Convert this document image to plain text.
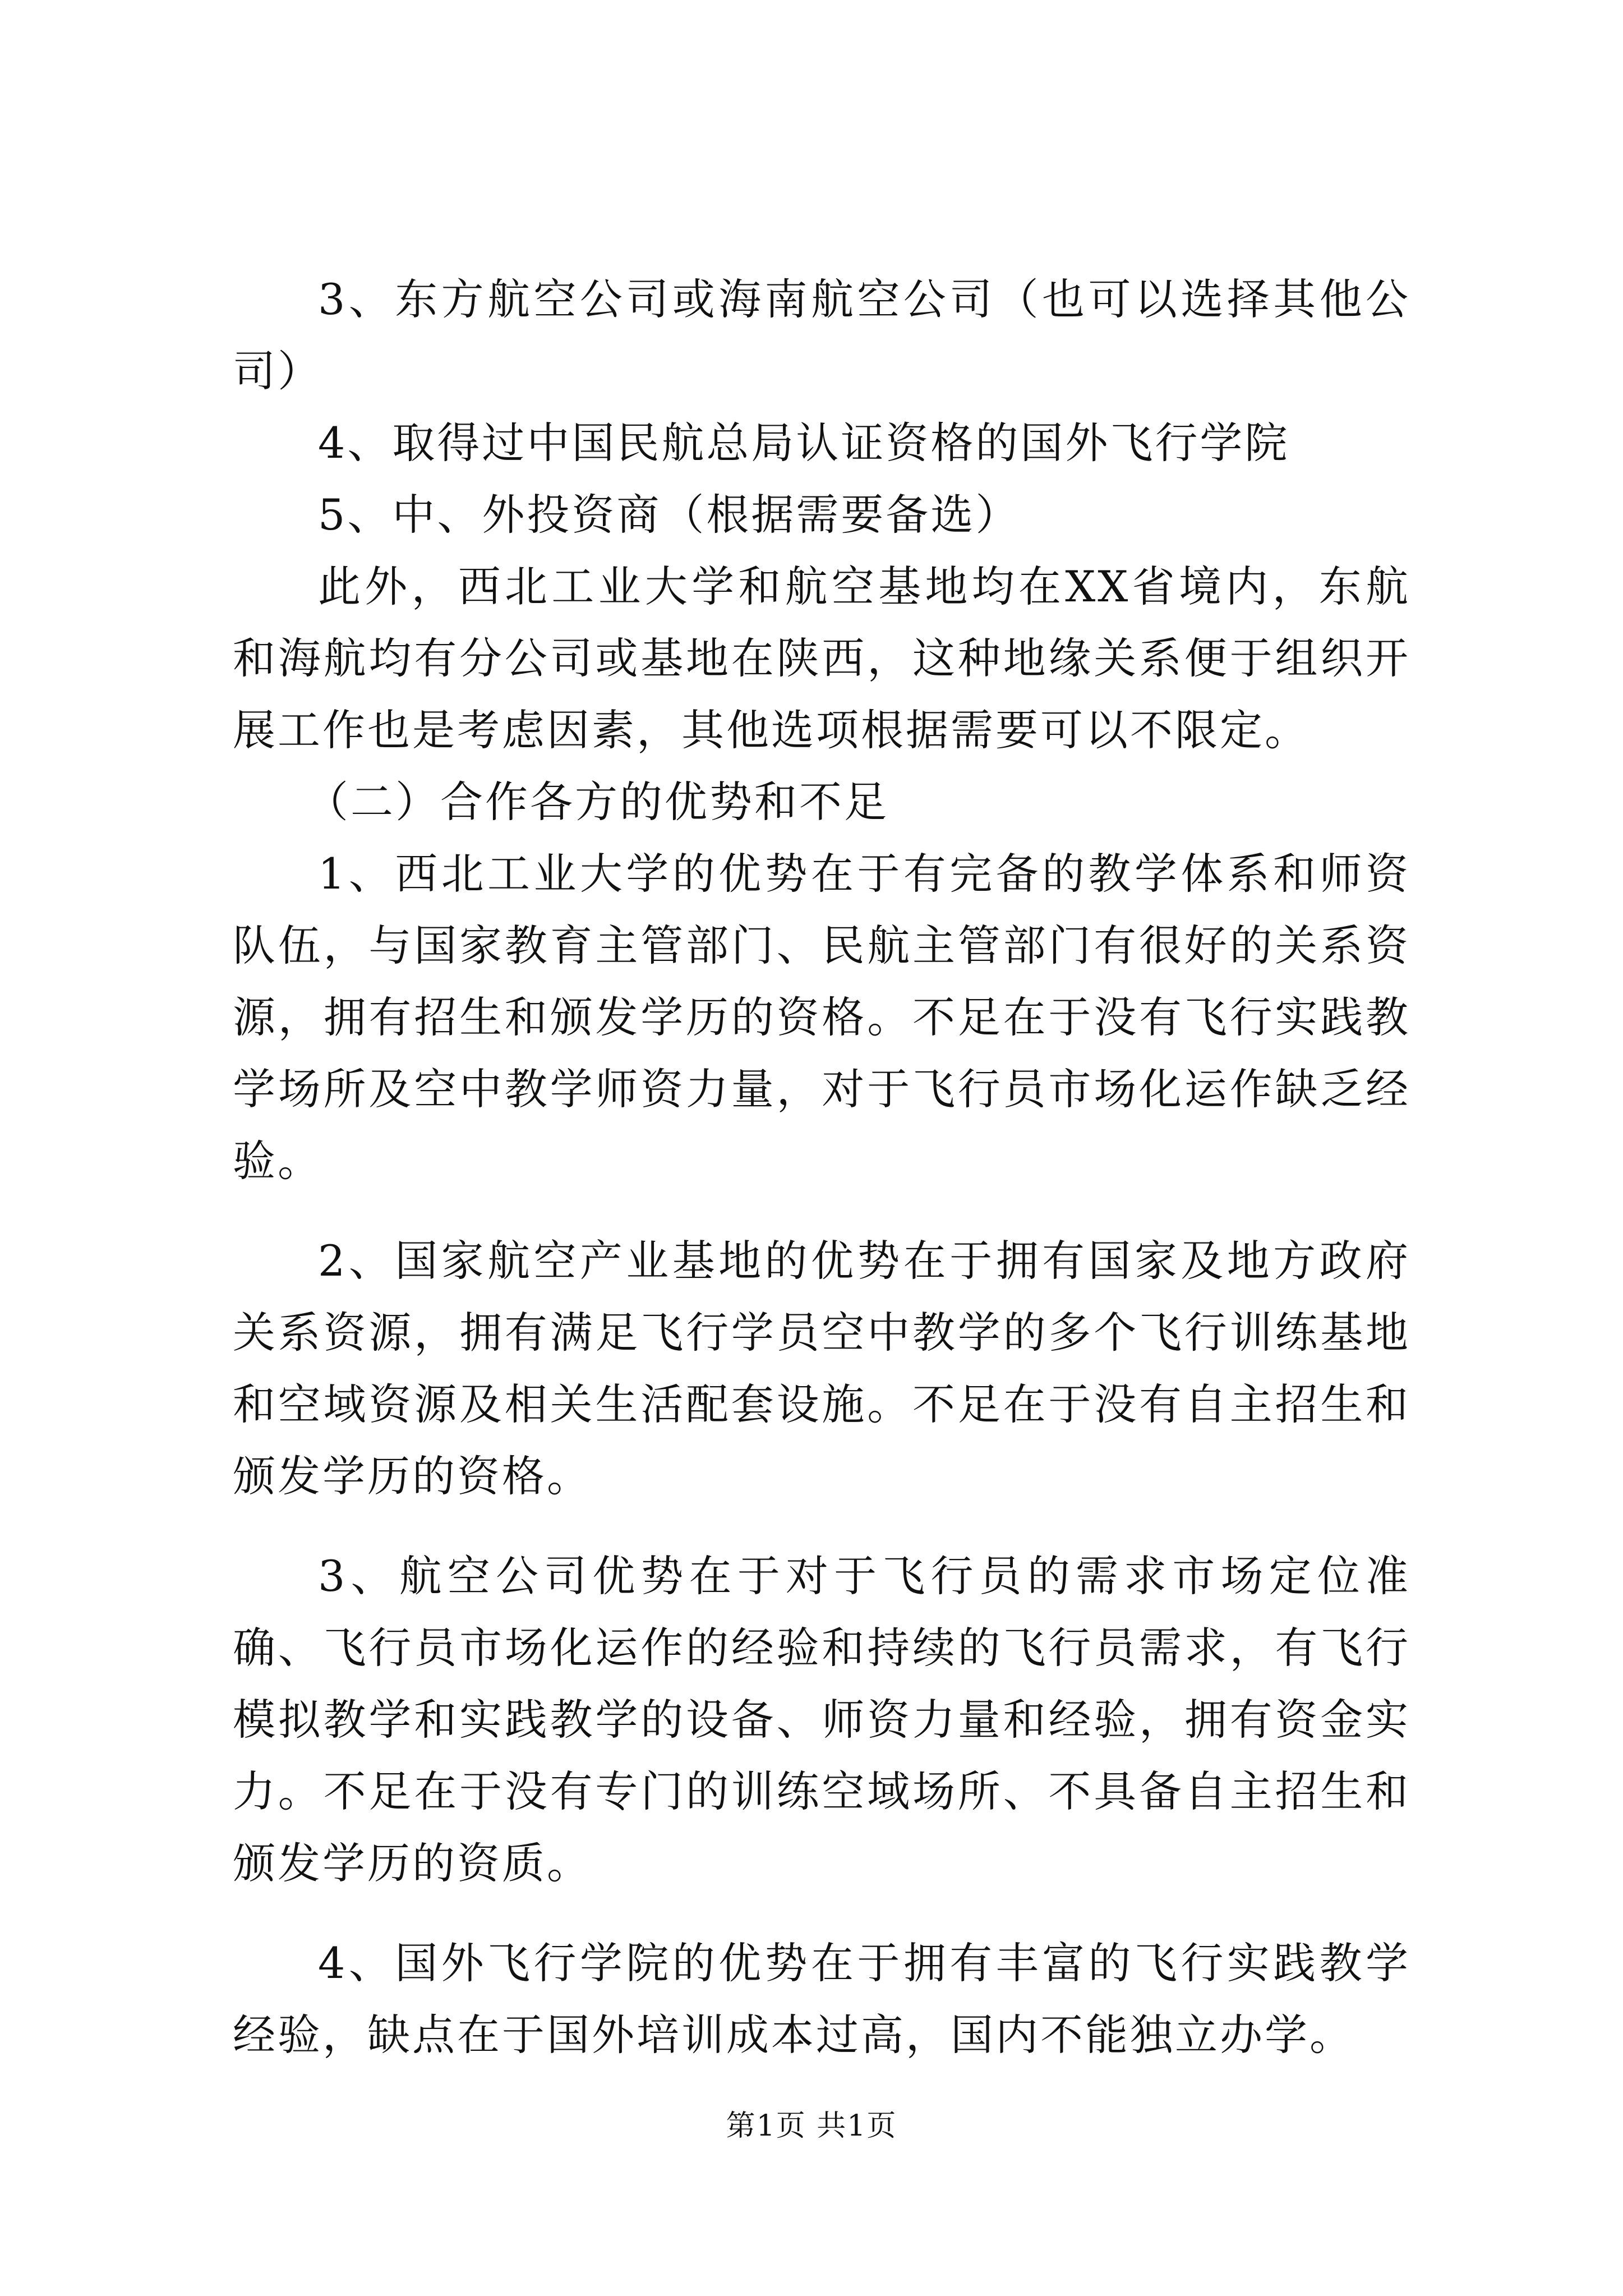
3、东方航空公司或海南航空公司（也可以选择其他公司）

4、取得过中国民航总局认证资格的国外飞行学院

5、中、外投资商（根据需要备选）

此外，西北工业大学和航空基地均在XX省境内，东航和海航均有分公司或基地在陕西，这种地缘关系便于组织开展工作也是考虑因素，其他选项根据需要可以不限定。

（二）合作各方的优势和不足

1、西北工业大学的优势在于有完备的教学体系和师资队伍，与国家教育主管部门、民航主管部门有很好的关系资源，拥有招生和颁发学历的资格。不足在于没有飞行实践教学场所及空中教学师资力量，对于飞行员市场化运作缺乏经验。

2、国家航空产业基地的优势在于拥有国家及地方政府关系资源，拥有满足飞行学员空中教学的多个飞行训练基地和空域资源及相关生活配套设施。不足在于没有自主招生和颁发学历的资格。

3、航空公司优势在于对于飞行员的需求市场定位准确、飞行员市场化运作的经验和持续的飞行员需求，有飞行模拟教学和实践教学的设备、师资力量和经验，拥有资金实力。不足在于没有专门的训练空域场所、不具备自主招生和颁发学历的资质。

4、国外飞行学院的优势在于拥有丰富的飞行实践教学经验，缺点在于国外培训成本过高，国内不能独立办学。

第1页 共1页
